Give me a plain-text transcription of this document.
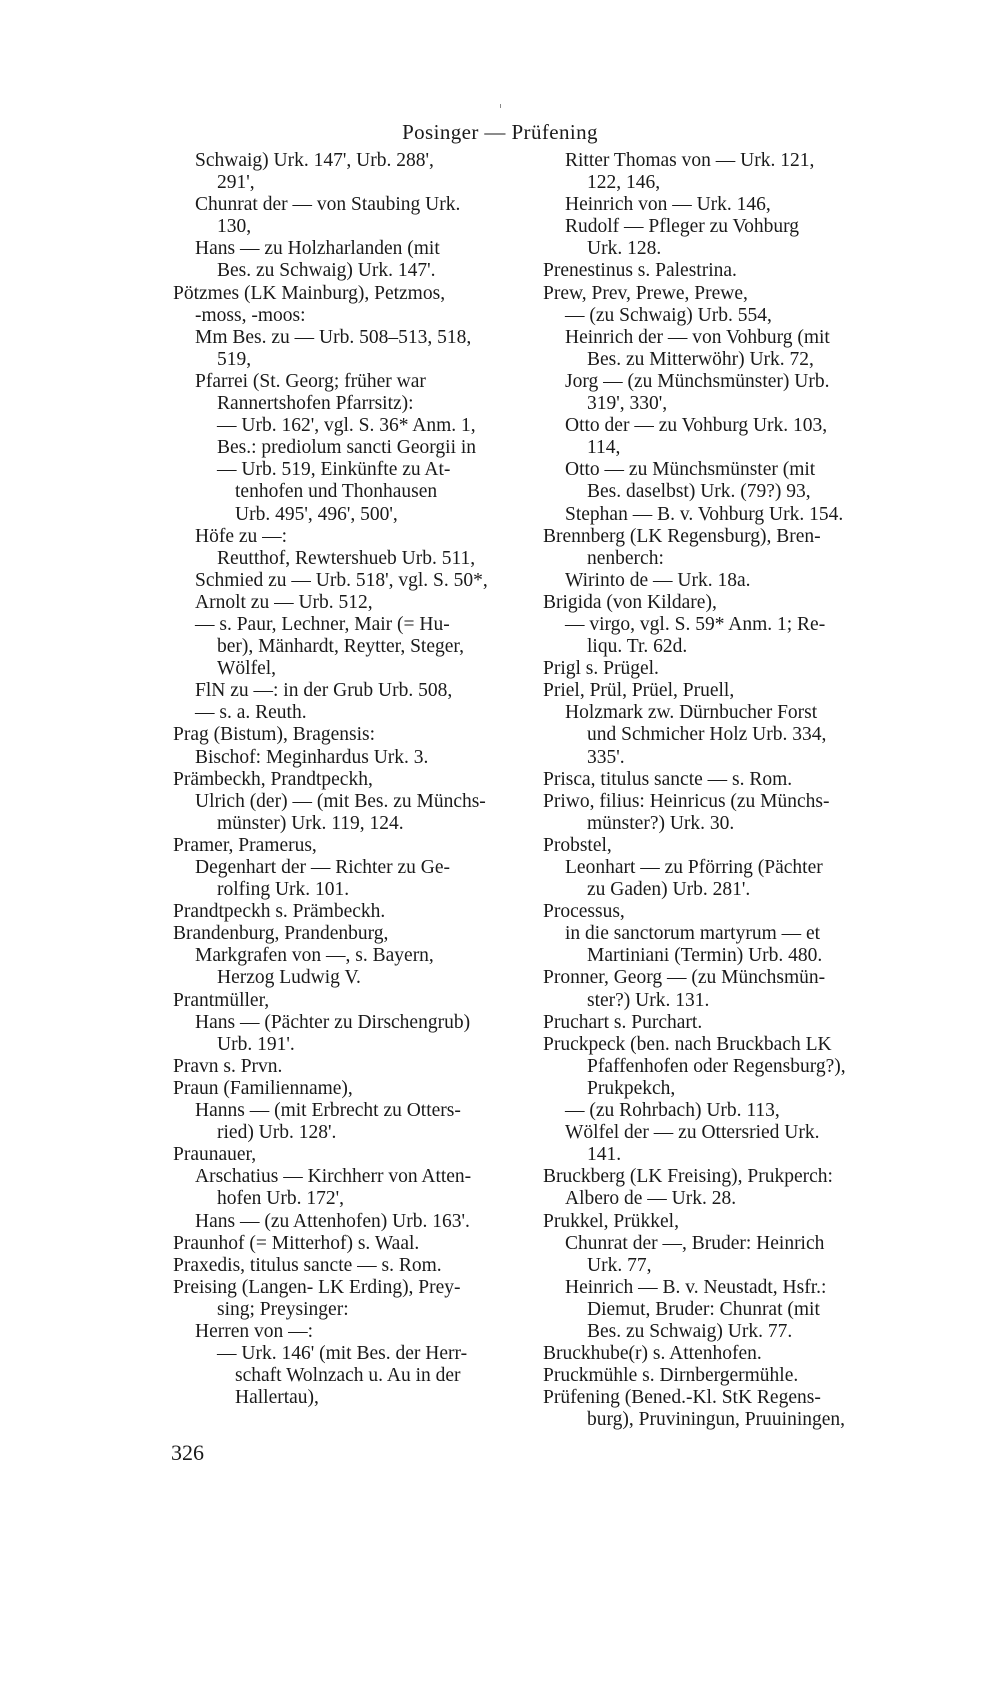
Posinger — Prüfening
Schwaig) Urk. 147', Urb. 288',
291',
Chunrat der — von Staubing Urk.
130,
Hans — zu Holzharlanden (mit
Bes. zu Schwaig) Urk. 147'.
Pötzmes (LK Mainburg), Petzmos,
-moss, -moos:
Mm Bes. zu — Urb. 508–513, 518,
519,
Pfarrei (St. Georg; früher war
Rannertshofen Pfarrsitz):
— Urb. 162', vgl. S. 36* Anm. 1,
Bes.: prediolum sancti Georgii in
— Urb. 519, Einkünfte zu At-
tenhofen und Thonhausen
Urb. 495', 496', 500',
Höfe zu —:
Reutthof, Rewtershueb Urb. 511,
Schmied zu — Urb. 518', vgl. S. 50*,
Arnolt zu — Urb. 512,
— s. Paur, Lechner, Mair (= Hu-
ber), Mänhardt, Reytter, Steger,
Wölfel,
FlN zu —: in der Grub Urb. 508,
— s. a. Reuth.
Prag (Bistum), Bragensis:
Bischof: Meginhardus Urk. 3.
Prämbeckh, Prandtpeckh,
Ulrich (der) — (mit Bes. zu Münchs-
münster) Urk. 119, 124.
Pramer, Pramerus,
Degenhart der — Richter zu Ge-
rolfing Urk. 101.
Prandtpeckh s. Prämbeckh.
Brandenburg, Prandenburg,
Markgrafen von —, s. Bayern,
Herzog Ludwig V.
Prantmüller,
Hans — (Pächter zu Dirschengrub)
Urb. 191'.
Pravn s. Prvn.
Praun (Familienname),
Hanns — (mit Erbrecht zu Otters-
ried) Urb. 128'.
Praunauer,
Arschatius — Kirchherr von Atten-
hofen Urb. 172',
Hans — (zu Attenhofen) Urb. 163'.
Praunhof (= Mitterhof) s. Waal.
Praxedis, titulus sancte — s. Rom.
Preising (Langen- LK Erding), Prey-
sing; Preysinger:
Herren von —:
— Urk. 146' (mit Bes. der Herr-
schaft Wolnzach u. Au in der
Hallertau),
Ritter Thomas von — Urk. 121,
122, 146,
Heinrich von — Urk. 146,
Rudolf — Pfleger zu Vohburg
Urk. 128.
Prenestinus s. Palestrina.
Prew, Prev, Prewe, Prewe,
— (zu Schwaig) Urb. 554,
Heinrich der — von Vohburg (mit
Bes. zu Mitterwöhr) Urk. 72,
Jorg — (zu Münchsmünster) Urb.
319', 330',
Otto der — zu Vohburg Urk. 103,
114,
Otto — zu Münchsmünster (mit
Bes. daselbst) Urk. (79?) 93,
Stephan — B. v. Vohburg Urk. 154.
Brennberg (LK Regensburg), Bren-
nenberch:
Wirinto de — Urk. 18a.
Brigida (von Kildare),
— virgo, vgl. S. 59* Anm. 1; Re-
liqu. Tr. 62d.
Prigl s. Prügel.
Priel, Prül, Prüel, Pruell,
Holzmark zw. Dürnbucher Forst
und Schmicher Holz Urb. 334,
335'.
Prisca, titulus sancte — s. Rom.
Priwo, filius: Heinricus (zu Münchs-
münster?) Urk. 30.
Probstel,
Leonhart — zu Pförring (Pächter
zu Gaden) Urb. 281'.
Processus,
in die sanctorum martyrum — et
Martiniani (Termin) Urb. 480.
Pronner, Georg — (zu Münchsmün-
ster?) Urk. 131.
Pruchart s. Purchart.
Pruckpeck (ben. nach Bruckbach LK
Pfaffenhofen oder Regensburg?),
Prukpekch,
— (zu Rohrbach) Urb. 113,
Wölfel der — zu Ottersried Urk.
141.
Bruckberg (LK Freising), Prukperch:
Albero de — Urk. 28.
Prukkel, Prükkel,
Chunrat der —, Bruder: Heinrich
Urk. 77,
Heinrich — B. v. Neustadt, Hsfr.:
Diemut, Bruder: Chunrat (mit
Bes. zu Schwaig) Urk. 77.
Bruckhube(r) s. Attenhofen.
Pruckmühle s. Dirnbergermühle.
Prüfening (Bened.-Kl. StK Regens-
burg), Pruviningun, Pruuiningen,
326
